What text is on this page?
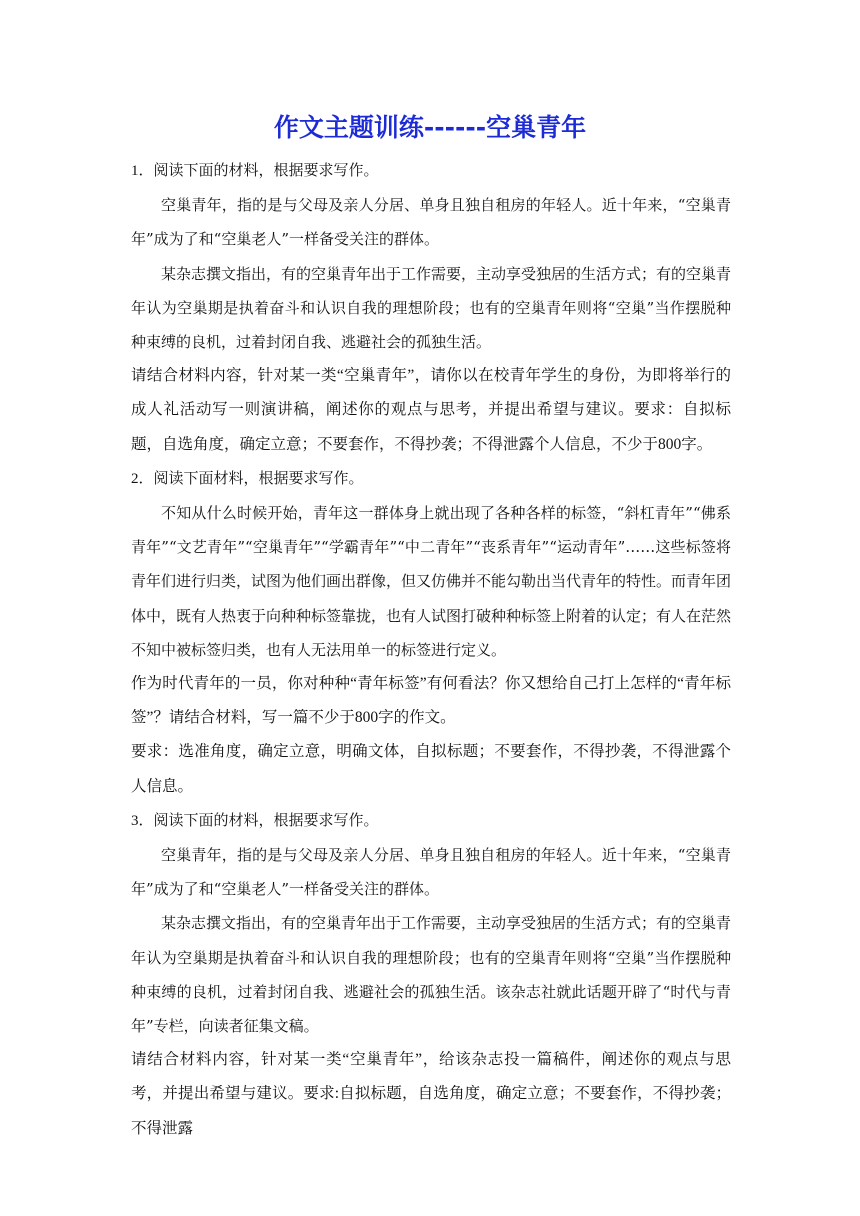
作文主题训练------空巢青年

1．阅读下面的材料，根据要求写作。

空巢青年，指的是与父母及亲人分居、单身且独自租房的年轻人。近十年来，“空巢青年”成为了和“空巢老人”一样备受关注的群体。

某杂志撰文指出，有的空巢青年出于工作需要，主动享受独居的生活方式；有的空巢青年认为空巢期是执着奋斗和认识自我的理想阶段；也有的空巢青年则将“空巢”当作摆脱种种束缚的良机，过着封闭自我、逃避社会的孤独生活。

请结合材料内容，针对某一类“空巢青年”，请你以在校青年学生的身份，为即将举行的成人礼活动写一则演讲稿，阐述你的观点与思考，并提出希望与建议。要求：自拟标题，自选角度，确定立意；不要套作，不得抄袭；不得泄露个人信息，不少于800字。

2．阅读下面材料，根据要求写作。

不知从什么时候开始，青年这一群体身上就出现了各种各样的标签，“斜杠青年”“佛系青年”“文艺青年”“空巢青年”“学霸青年”“中二青年”“丧系青年”“运动青年”……这些标签将青年们进行归类，试图为他们画出群像，但又仿佛并不能勾勒出当代青年的特性。而青年团体中，既有人热衷于向种种标签靠拢，也有人试图打破种种标签上附着的认定；有人在茫然不知中被标签归类，也有人无法用单一的标签进行定义。

作为时代青年的一员，你对种种“青年标签”有何看法？你又想给自己打上怎样的“青年标签”？请结合材料，写一篇不少于800字的作文。

要求：选准角度，确定立意，明确文体，自拟标题；不要套作，不得抄袭，不得泄露个人信息。

3．阅读下面的材料，根据要求写作。

空巢青年，指的是与父母及亲人分居、单身且独自租房的年轻人。近十年来，“空巢青年”成为了和“空巢老人”一样备受关注的群体。

某杂志撰文指出，有的空巢青年出于工作需要，主动享受独居的生活方式；有的空巢青年认为空巢期是执着奋斗和认识自我的理想阶段；也有的空巢青年则将“空巢”当作摆脱种种束缚的良机，过着封闭自我、逃避社会的孤独生活。该杂志社就此话题开辟了“时代与青年”专栏，向读者征集文稿。

请结合材料内容，针对某一类“空巢青年”，给该杂志投一篇稿件，阐述你的观点与思考，并提出希望与建议。要求:自拟标题，自选角度，确定立意；不要套作，不得抄袭；不得泄露
